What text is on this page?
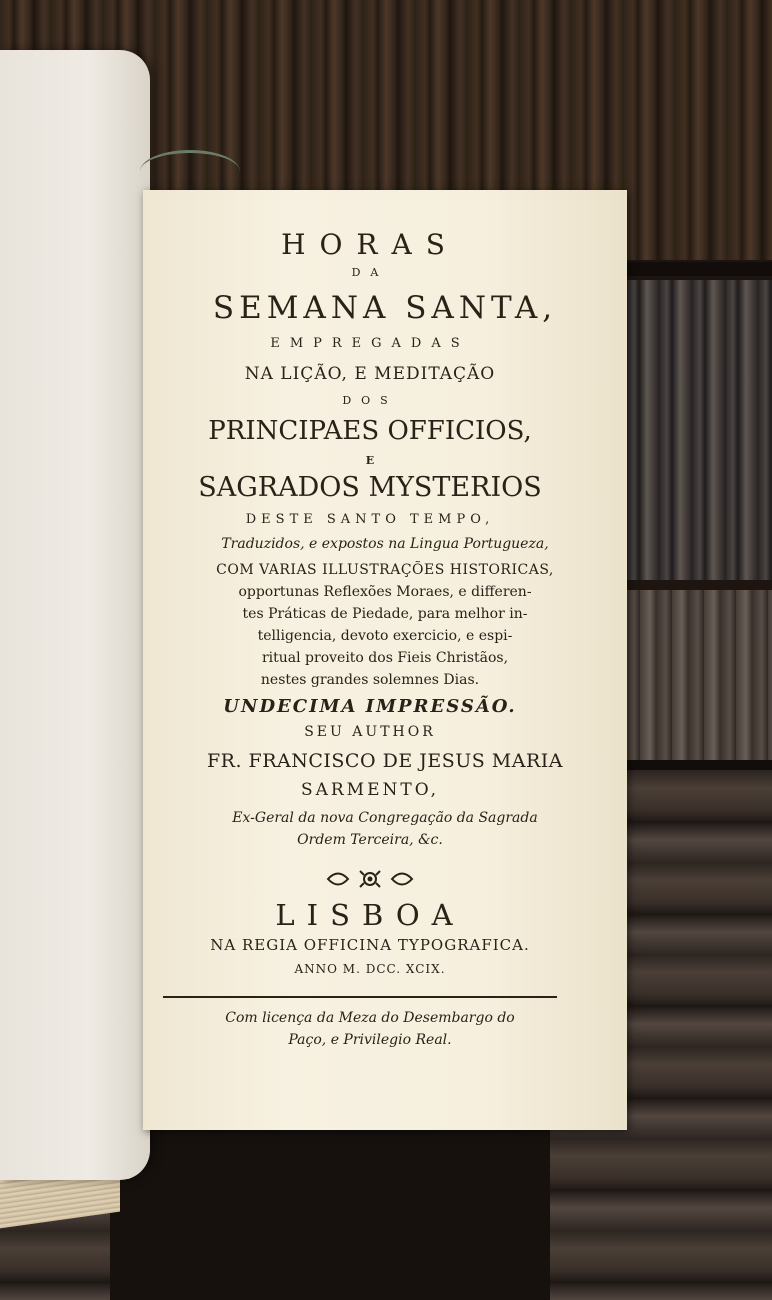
HORAS
DA
SEMANA SANTA,
EMPREGADAS
NA LIÇÃO, E MEDITAÇÃO
DOS
PRINCIPAES OFFICIOS,
E
SAGRADOS MYSTERIOS
DESTE SANTO TEMPO,
Traduzidos, e expostos na Lingua Portugueza,
COM VARIAS ILLUSTRAÇÕES HISTORICAS,
opportunas Reflexões Moraes, e differen-
tes Práticas de Piedade, para melhor in-
telligencia, devoto exercicio, e espi-
ritual proveito dos Fieis Christãos,
nestes grandes solemnes Dias.
UNDECIMA IMPRESSÃO.
SEU AUTHOR
FR. FRANCISCO DE JESUS MARIA
SARMENTO,
Ex-Geral da nova Congregação da Sagrada
Ordem Terceira, &c.
LISBOA
NA REGIA OFFICINA TYPOGRAFICA.
ANNO M. DCC. XCIX.
Com licença da Meza do Desembargo do
Paço, e Privilegio Real.
